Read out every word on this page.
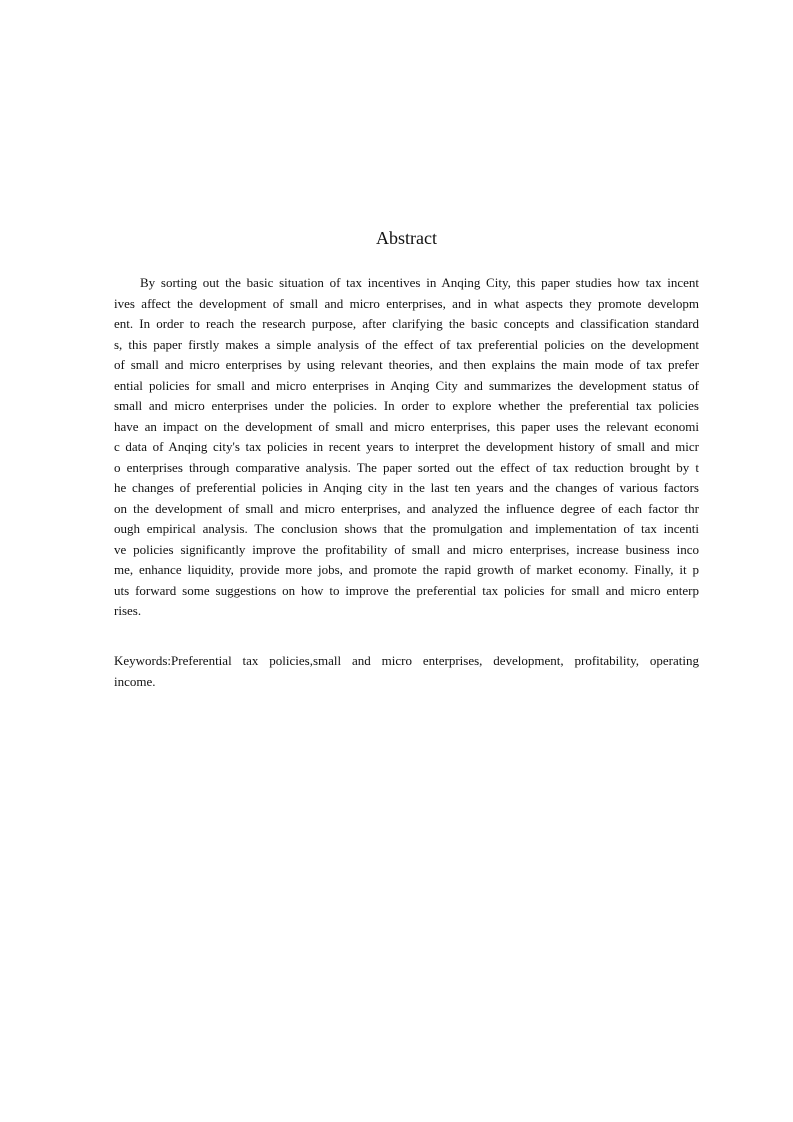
Abstract
By sorting out the basic situation of tax incentives in Anqing City, this paper studies how tax incent
ives affect the development of small and micro enterprises, and in what aspects they promote developm
ent. In order to reach the research purpose, after clarifying the basic concepts and classification standard
s, this paper firstly makes a simple analysis of the effect of tax preferential policies on the development
of small and micro enterprises by using relevant theories, and then explains the main mode of tax prefer
ential policies for small and micro enterprises in Anqing City and summarizes the development status of
small and micro enterprises under the policies. In order to explore whether the preferential tax policies
have an impact on the development of small and micro enterprises, this paper uses the relevant economi
c data of Anqing city's tax policies in recent years to interpret the development history of small and micr
o enterprises through comparative analysis. The paper sorted out the effect of tax reduction brought by t
he changes of preferential policies in Anqing city in the last ten years and the changes of various factors
on the development of small and micro enterprises, and analyzed the influence degree of each factor thr
ough empirical analysis. The conclusion shows that the promulgation and implementation of tax incenti
ve policies significantly improve the profitability of small and micro enterprises, increase business inco
me, enhance liquidity, provide more jobs, and promote the rapid growth of market economy. Finally, it p
uts forward some suggestions on how to improve the preferential tax policies for small and micro enterp
rises.
Keywords:Preferential tax policies,small and micro enterprises, development, profitability, operating
income.
